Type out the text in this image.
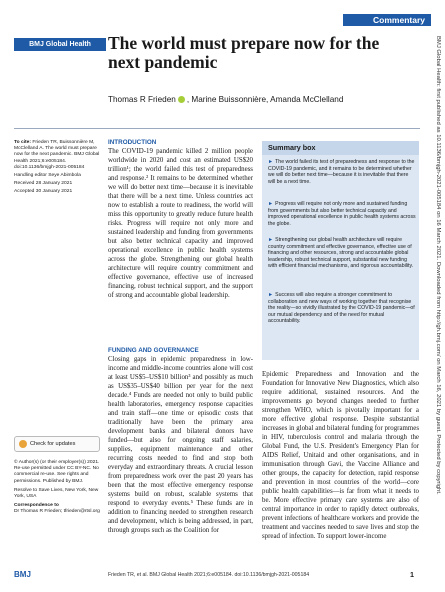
Commentary
BMJ Global Health The world must prepare now for the next pandemic
Thomas R Frieden , Marine Buissonnière, Amanda McClelland

To cite: Frieden TR, Buissonnière M, McClelland A. The world must prepare now for the next pandemic. BMJ Global Health 2021;6:e005184. doi:10.1136/bmjgh-2021-005184

Handling editor Seye Abimbola

Received 28 January 2021

Accepted 30 January 2021

INTRODUCTION
The COVID-19 pandemic killed 2 million people worldwide in 2020 and cost an estimated US$20 trillion¹; the world failed this test of preparedness and response.² It remains to be determined whether we will do better next time—because it is inevitable that there will be a next time. Unless countries act now to establish a route to readiness, the world will miss this opportunity to greatly reduce future health risks. Progress will require not only more and sustained leadership and funding from governments but also better technical capacity and improved operational excellence in public health systems across the globe. Strengthening our global health architecture will require country commitment and effective governance, effective use of increased financing, robust technical support, and the support of strong and accountable global leadership.
Summary box
► The world failed its test of preparedness and response to the COVID-19 pandemic, and it remains to be determined whether we will do better next time—because it is inevitable that there will be a next time.
► Progress will require not only more and sustained funding from governments but also better technical capacity and improved operational excellence in public health systems across the globe.
► Strengthening our global health architecture will require country commitment and effective governance, effective use of financing and other resources, strong and accountable global leadership, robust technical support, substantial new funding with efficient financial mechanisms, and rigorous accountability.
► Success will also require a stronger commitment to collaboration and new ways of working together that recognise the reality—so vividly illustrated by the COVID-19 pandemic—of our mutual dependency and of the need for mutual accountability.
FUNDING AND GOVERNANCE
Closing gaps in epidemic preparedness in low-income and middle-income countries alone will cost at least US$5–US$10 billion³ and possibly as much as US$35–US$40 billion per year for the next decade.⁴ Funds are needed not only to build public health laboratories, emergency response capacities and train staff—one time or episodic costs that traditionally have been the primary area development banks and bilateral donors have funded—but also for ongoing staff salaries, supplies, equipment maintenance and other recurring costs needed to find and stop both everyday and extraordinary threats. A crucial lesson from preparedness work over the past 20 years has been that the most effective emergency response systems build on robust, scalable systems that respond to everyday events.⁵ These funds are in addition to financing needed to strengthen research and development, which is being addressed, in part, through groups such as the Coalition for
Epidemic Preparedness and Innovation and the Foundation for Innovative New Diagnostics, which also require additional, sustained resources. And the improvements go beyond changes needed to further strengthen WHO, which is pivotally important for a more effective global response. Despite substantial increases in global and bilateral funding for programmes in HIV, tuberculosis control and malaria through the Global Fund, the U.S. President's Emergency Plan for AIDS Relief, Unitaid and other organisations, and in immunisation through Gavi, the Vaccine Alliance and other groups, the capacity for detection, rapid response and prevention in most countries of the world—core public health capabilities—is far from what it needs to be. More effective primary care systems are also of central importance in order to rapidly detect outbreaks, prevent infections of healthcare workers and provide the treatment and vaccines needed to save lives and stop the spread of infection. To support lower-income
Check for updates

© Author(s) (or their employer(s)) 2021. Re-use permitted under CC BY-NC. No commercial re-use. See rights and permissions. Published by BMJ.

Resolve to Save Lives, New York, New York, USA

Correspondence to
Dr Thomas R Frieden; tfrieden@rtsl.org

BMJ	Frieden TR, et al. BMJ Global Health 2021;6:e005184. doi:10.1136/bmjgh-2021-005184	1
BMJ Global Health: first published as 10.1136/bmjgh-2021-005184 on 16 March 2021. Downloaded from http://gh.bmj.com/ on March 16, 2021 by guest. Protected by copyright.
